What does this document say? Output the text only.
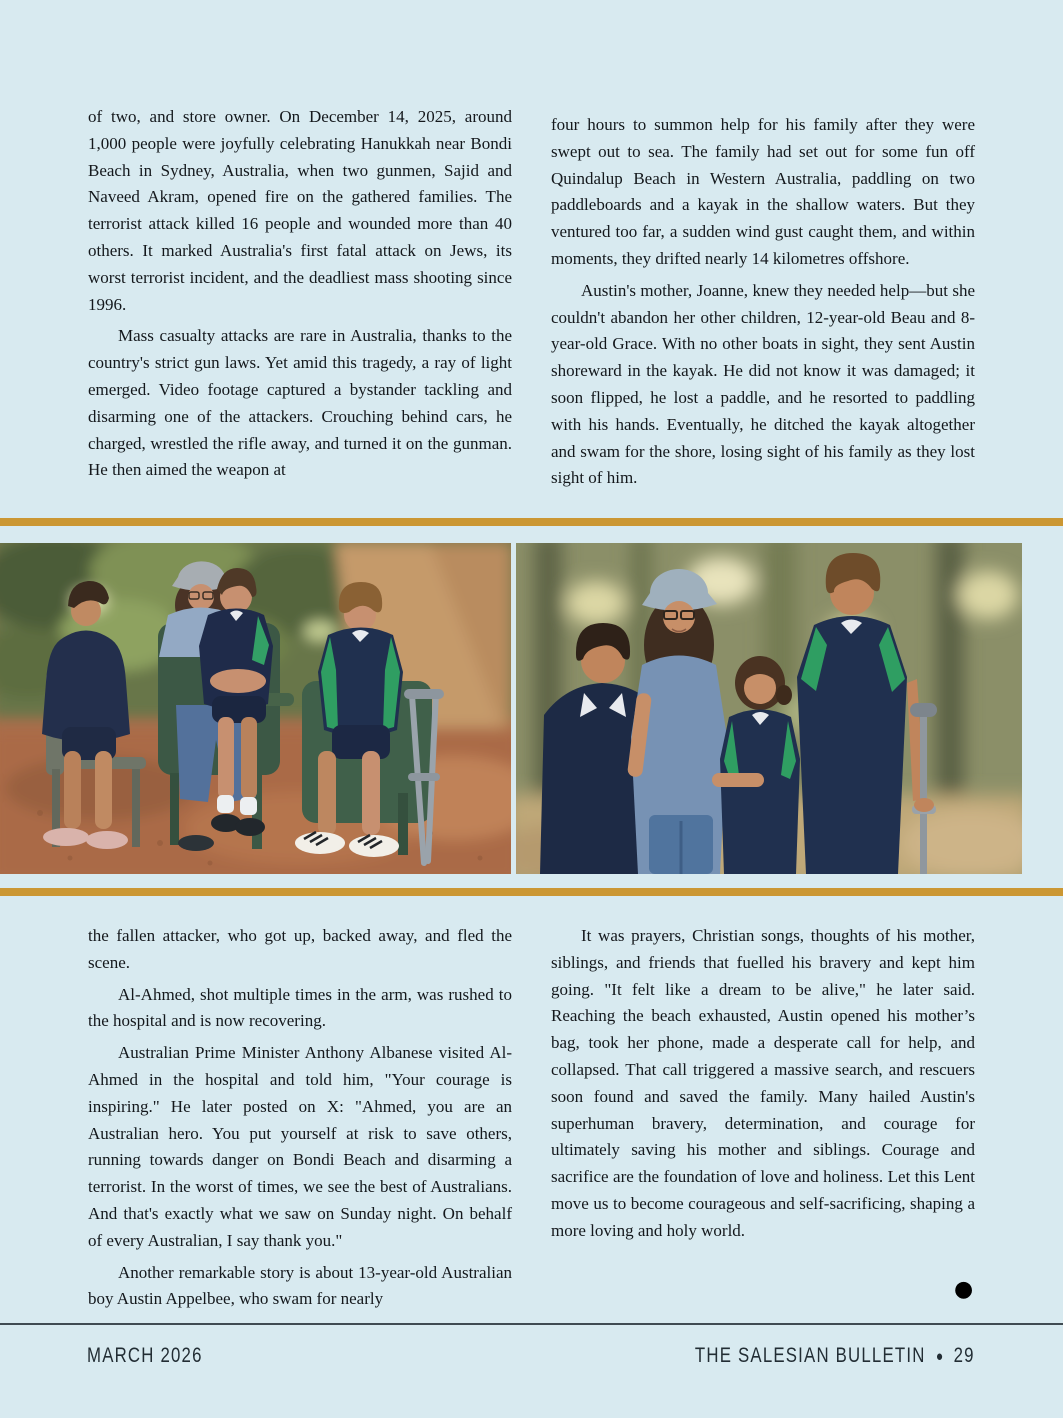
of two, and store owner. On December 14, 2025, around 1,000 people were joyfully celebrating Hanukkah near Bondi Beach in Sydney, Australia, when two gunmen, Sajid and Naveed Akram, opened fire on the gathered families. The terrorist attack killed 16 people and wounded more than 40 others. It marked Australia's first fatal attack on Jews, its worst terrorist incident, and the deadliest mass shooting since 1996.

Mass casualty attacks are rare in Australia, thanks to the country's strict gun laws. Yet amid this tragedy, a ray of light emerged. Video footage captured a bystander tackling and disarming one of the attackers. Crouching behind cars, he charged, wrestled the rifle away, and turned it on the gunman. He then aimed the weapon at

four hours to summon help for his family after they were swept out to sea. The family had set out for some fun off Quindalup Beach in Western Australia, paddling on two paddleboards and a kayak in the shallow waters. But they ventured too far, a sudden wind gust caught them, and within moments, they drifted nearly 14 kilometres offshore.

Austin's mother, Joanne, knew they needed help—but she couldn't abandon her other children, 12-year-old Beau and 8-year-old Grace. With no other boats in sight, they sent Austin shoreward in the kayak. He did not know it was damaged; it soon flipped, he lost a paddle, and he resorted to paddling with his hands. Eventually, he ditched the kayak altogether and swam for the shore, losing sight of his family as they lost sight of him.

the fallen attacker, who got up, backed away, and fled the scene.

Al-Ahmed, shot multiple times in the arm, was rushed to the hospital and is now recovering.

Australian Prime Minister Anthony Albanese visited Al-Ahmed in the hospital and told him, "Your courage is inspiring." He later posted on X: "Ahmed, you are an Australian hero. You put yourself at risk to save others, running towards danger on Bondi Beach and disarming a terrorist. In the worst of times, we see the best of Australians. And that's exactly what we saw on Sunday night. On behalf of every Australian, I say thank you."

Another remarkable story is about 13-year-old Australian boy Austin Appelbee, who swam for nearly

It was prayers, Christian songs, thoughts of his mother, siblings, and friends that fuelled his bravery and kept him going. "It felt like a dream to be alive," he later said. Reaching the beach exhausted, Austin opened his mother’s bag, took her phone, made a desperate call for help, and collapsed. That call triggered a massive search, and rescuers soon found and saved the family. Many hailed Austin's superhuman bravery, determination, and courage for ultimately saving his mother and siblings. Courage and sacrifice are the foundation of love and holiness. Let this Lent move us to become courageous and self-sacrificing, shaping a more loving and holy world.

●
MARCH 2026	THE SALESIAN BULLETIN ● 29
